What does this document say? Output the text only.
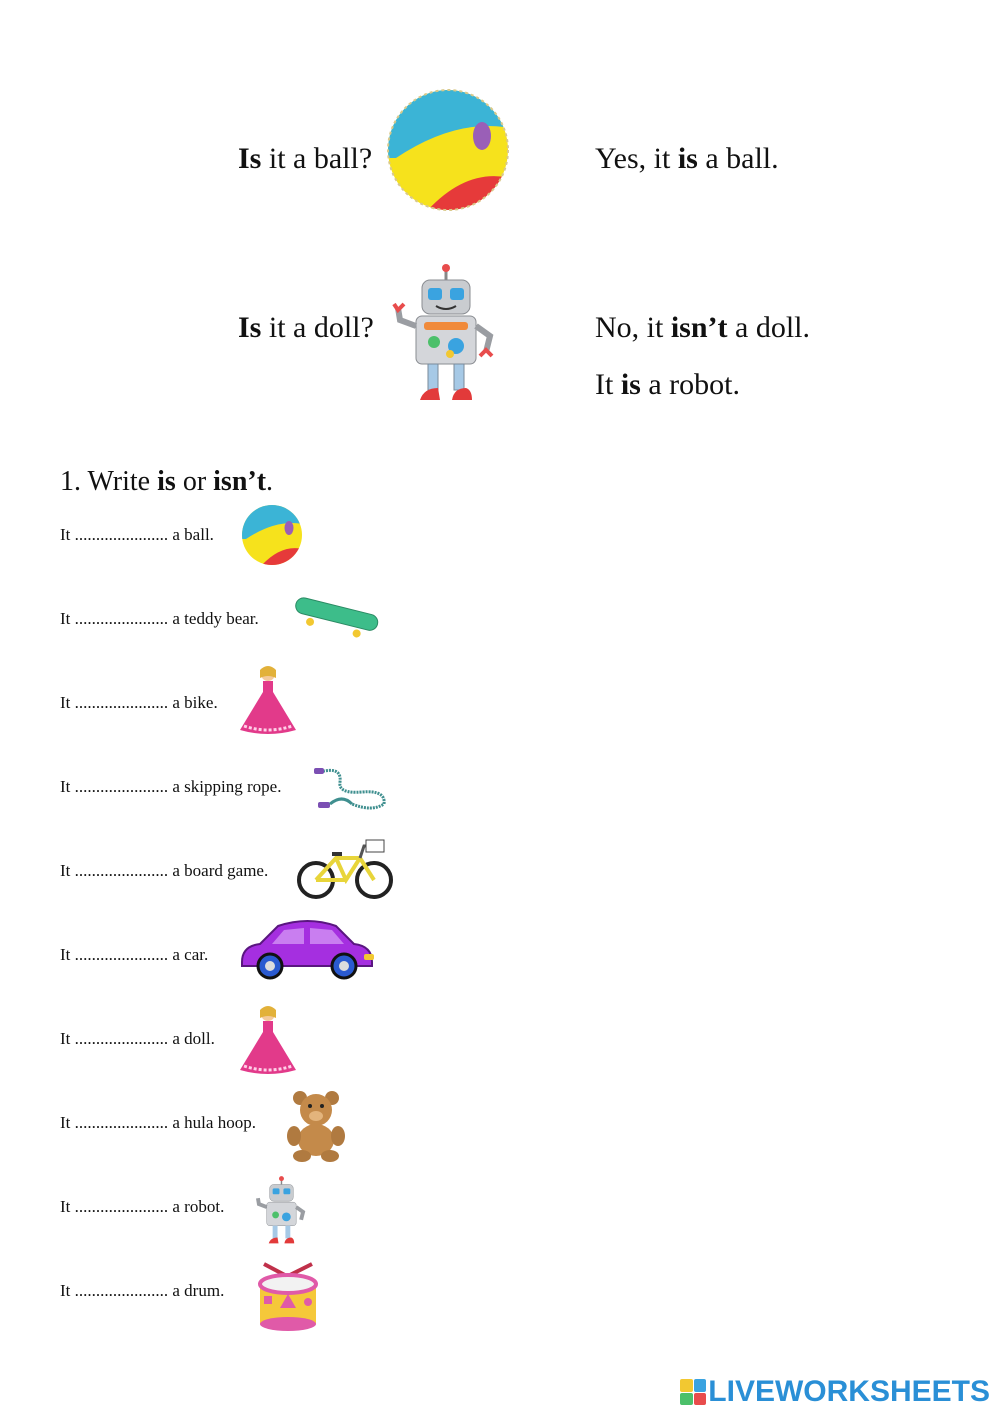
Is it a ball?	Yes, it is a ball.
Is it a doll?	No, it isn’t a doll.
It is a robot.
1. Write is or isn’t.
It ...................... a ball.
It ...................... a teddy bear.
It ...................... a bike.
It ...................... a skipping rope.
It ...................... a board game.
It ...................... a car.
It ...................... a doll.
It ...................... a hula hoop.
It ...................... a robot.
It ...................... a drum.
LIVEWORKSHEETS
